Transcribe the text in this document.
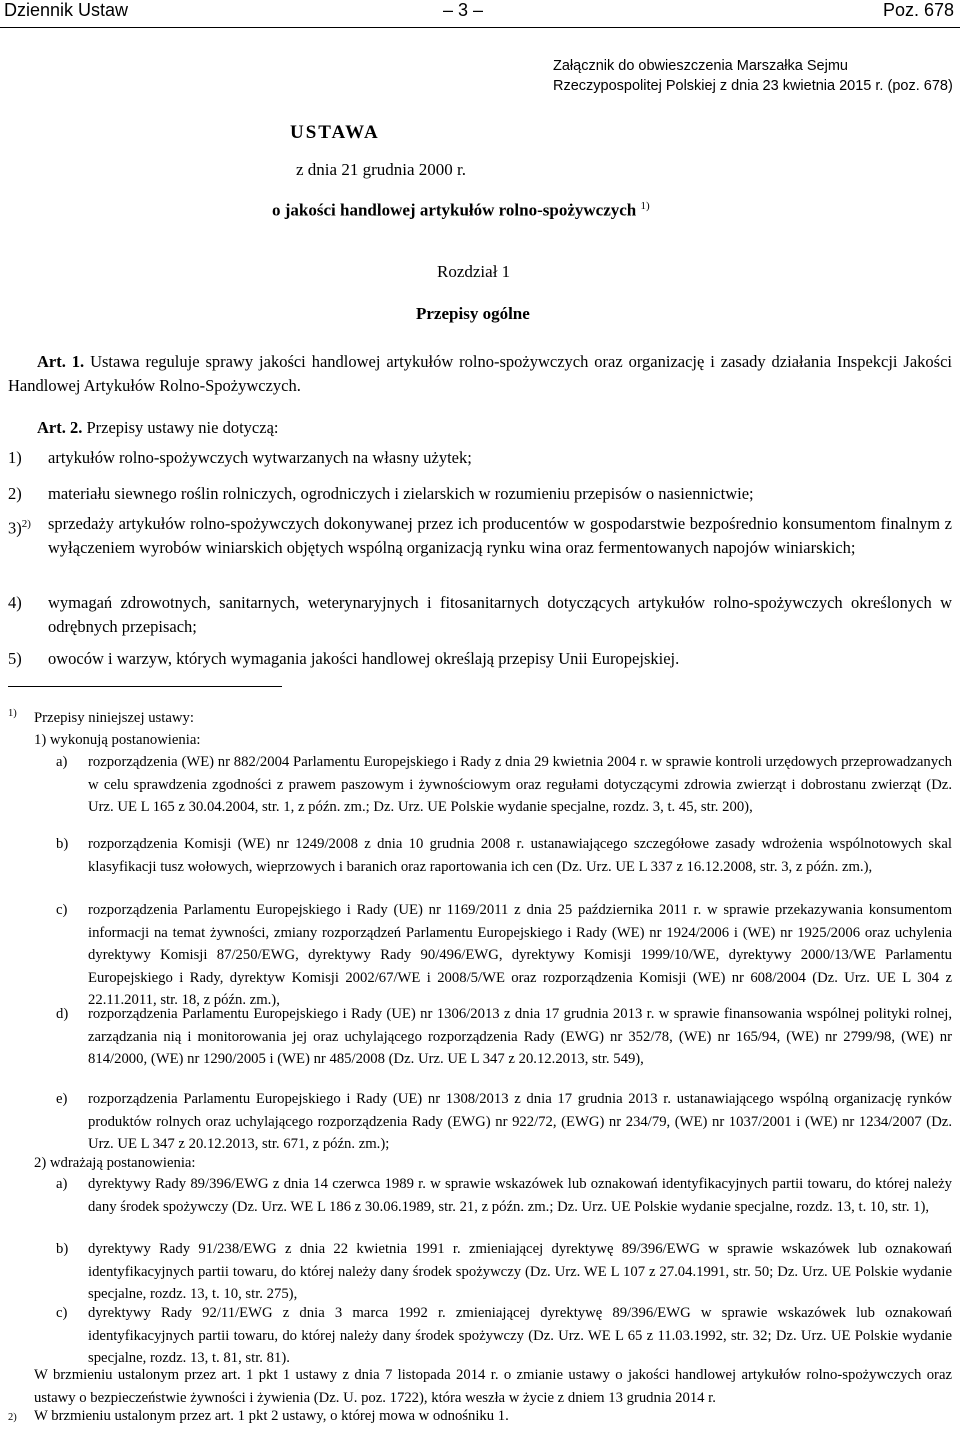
Dziennik Ustaw	– 3 –	Poz. 678
Załącznik do obwieszczenia Marszałka Sejmu Rzeczypospolitej Polskiej z dnia 23 kwietnia 2015 r. (poz. 678)
USTAWA
z dnia 21 grudnia 2000 r.
o jakości handlowej artykułów rolno-spożywczych $^{1)}$
Rozdział 1
Przepisy ogólne
Art. 1. Ustawa reguluje sprawy jakości handlowej artykułów rolno-spożywczych oraz organizację i zasady działania Inspekcji Jakości Handlowej Artykułów Rolno-Spożywczych.
Art. 2. Przepisy ustawy nie dotyczą:
1) artykułów rolno-spożywczych wytwarzanych na własny użytek;
2) materiału siewnego roślin rolniczych, ogrodniczych i zielarskich w rozumieniu przepisów o nasiennictwie;
3)$^{2)}$ sprzedaży artykułów rolno-spożywczych dokonywanej przez ich producentów w gospodarstwie bezpośrednio konsumentom finalnym z wyłączeniem wyrobów winiarskich objętych wspólną organizacją rynku wina oraz fermentowanych napojów winiarskich;
4) wymagań zdrowotnych, sanitarnych, weterynaryjnych i fitosanitarnych dotyczących artykułów rolno-spożywczych określonych w odrębnych przepisach;
5) owoców i warzyw, których wymagania jakości handlowej określają przepisy Unii Europejskiej.
1) Przepisy niniejszej ustawy:
1) wykonują postanowienia:
a) rozporządzenia (WE) nr 882/2004 Parlamentu Europejskiego i Rady z dnia 29 kwietnia 2004 r. w sprawie kontroli urzędowych przeprowadzanych w celu sprawdzenia zgodności z prawem paszowym i żywnościowym oraz regułami dotyczącymi zdrowia zwierząt i dobrostanu zwierząt (Dz. Urz. UE L 165 z 30.04.2004, str. 1, z późn. zm.; Dz. Urz. UE Polskie wydanie specjalne, rozdz. 3, t. 45, str. 200),
b) rozporządzenia Komisji (WE) nr 1249/2008 z dnia 10 grudnia 2008 r. ustanawiającego szczegółowe zasady wdrożenia wspólnotowych skal klasyfikacji tusz wołowych, wieprzowych i baranich oraz raportowania ich cen (Dz. Urz. UE L 337 z 16.12.2008, str. 3, z późn. zm.),
c) rozporządzenia Parlamentu Europejskiego i Rady (UE) nr 1169/2011 z dnia 25 października 2011 r. w sprawie przekazywania konsumentom informacji na temat żywności, zmiany rozporządzeń Parlamentu Europejskiego i Rady (WE) nr 1924/2006 i (WE) nr 1925/2006 oraz uchylenia dyrektywy Komisji 87/250/EWG, dyrektywy Rady 90/496/EWG, dyrektywy Komisji 1999/10/WE, dyrektywy 2000/13/WE Parlamentu Europejskiego i Rady, dyrektyw Komisji 2002/67/WE i 2008/5/WE oraz rozporządzenia Komisji (WE) nr 608/2004 (Dz. Urz. UE L 304 z 22.11.2011, str. 18, z późn. zm.),
d) rozporządzenia Parlamentu Europejskiego i Rady (UE) nr 1306/2013 z dnia 17 grudnia 2013 r. w sprawie finansowania wspólnej polityki rolnej, zarządzania nią i monitorowania jej oraz uchylającego rozporządzenia Rady (EWG) nr 352/78, (WE) nr 165/94, (WE) nr 2799/98, (WE) nr 814/2000, (WE) nr 1290/2005 i (WE) nr 485/2008 (Dz. Urz. UE L 347 z 20.12.2013, str. 549),
e) rozporządzenia Parlamentu Europejskiego i Rady (UE) nr 1308/2013 z dnia 17 grudnia 2013 r. ustanawiającego wspólną organizację rynków produktów rolnych oraz uchylającego rozporządzenia Rady (EWG) nr 922/72, (EWG) nr 234/79, (WE) nr 1037/2001 i (WE) nr 1234/2007 (Dz. Urz. UE L 347 z 20.12.2013, str. 671, z późn. zm.);
2) wdrażają postanowienia:
a) dyrektywy Rady 89/396/EWG z dnia 14 czerwca 1989 r. w sprawie wskazówek lub oznakowań identyfikacyjnych partii towaru, do której należy dany środek spożywczy (Dz. Urz. WE L 186 z 30.06.1989, str. 21, z późn. zm.; Dz. Urz. UE Polskie wydanie specjalne, rozdz. 13, t. 10, str. 1),
b) dyrektywy Rady 91/238/EWG z dnia 22 kwietnia 1991 r. zmieniającej dyrektywę 89/396/EWG w sprawie wskazówek lub oznakowań identyfikacyjnych partii towaru, do której należy dany środek spożywczy (Dz. Urz. WE L 107 z 27.04.1991, str. 50; Dz. Urz. UE Polskie wydanie specjalne, rozdz. 13, t. 10, str. 275),
c) dyrektywy Rady 92/11/EWG z dnia 3 marca 1992 r. zmieniającej dyrektywę 89/396/EWG w sprawie wskazówek lub oznakowań identyfikacyjnych partii towaru, do której należy dany środek spożywczy (Dz. Urz. WE L 65 z 11.03.1992, str. 32; Dz. Urz. UE Polskie wydanie specjalne, rozdz. 13, t. 81, str. 81).
W brzmieniu ustalonym przez art. 1 pkt 1 ustawy z dnia 7 listopada 2014 r. o zmianie ustawy o jakości handlowej artykułów rolno-spożywczych oraz ustawy o bezpieczeństwie żywności i żywienia (Dz. U. poz. 1722), która weszła w życie z dniem 13 grudnia 2014 r.
2) W brzmieniu ustalonym przez art. 1 pkt 2 ustawy, o której mowa w odnośniku 1.
